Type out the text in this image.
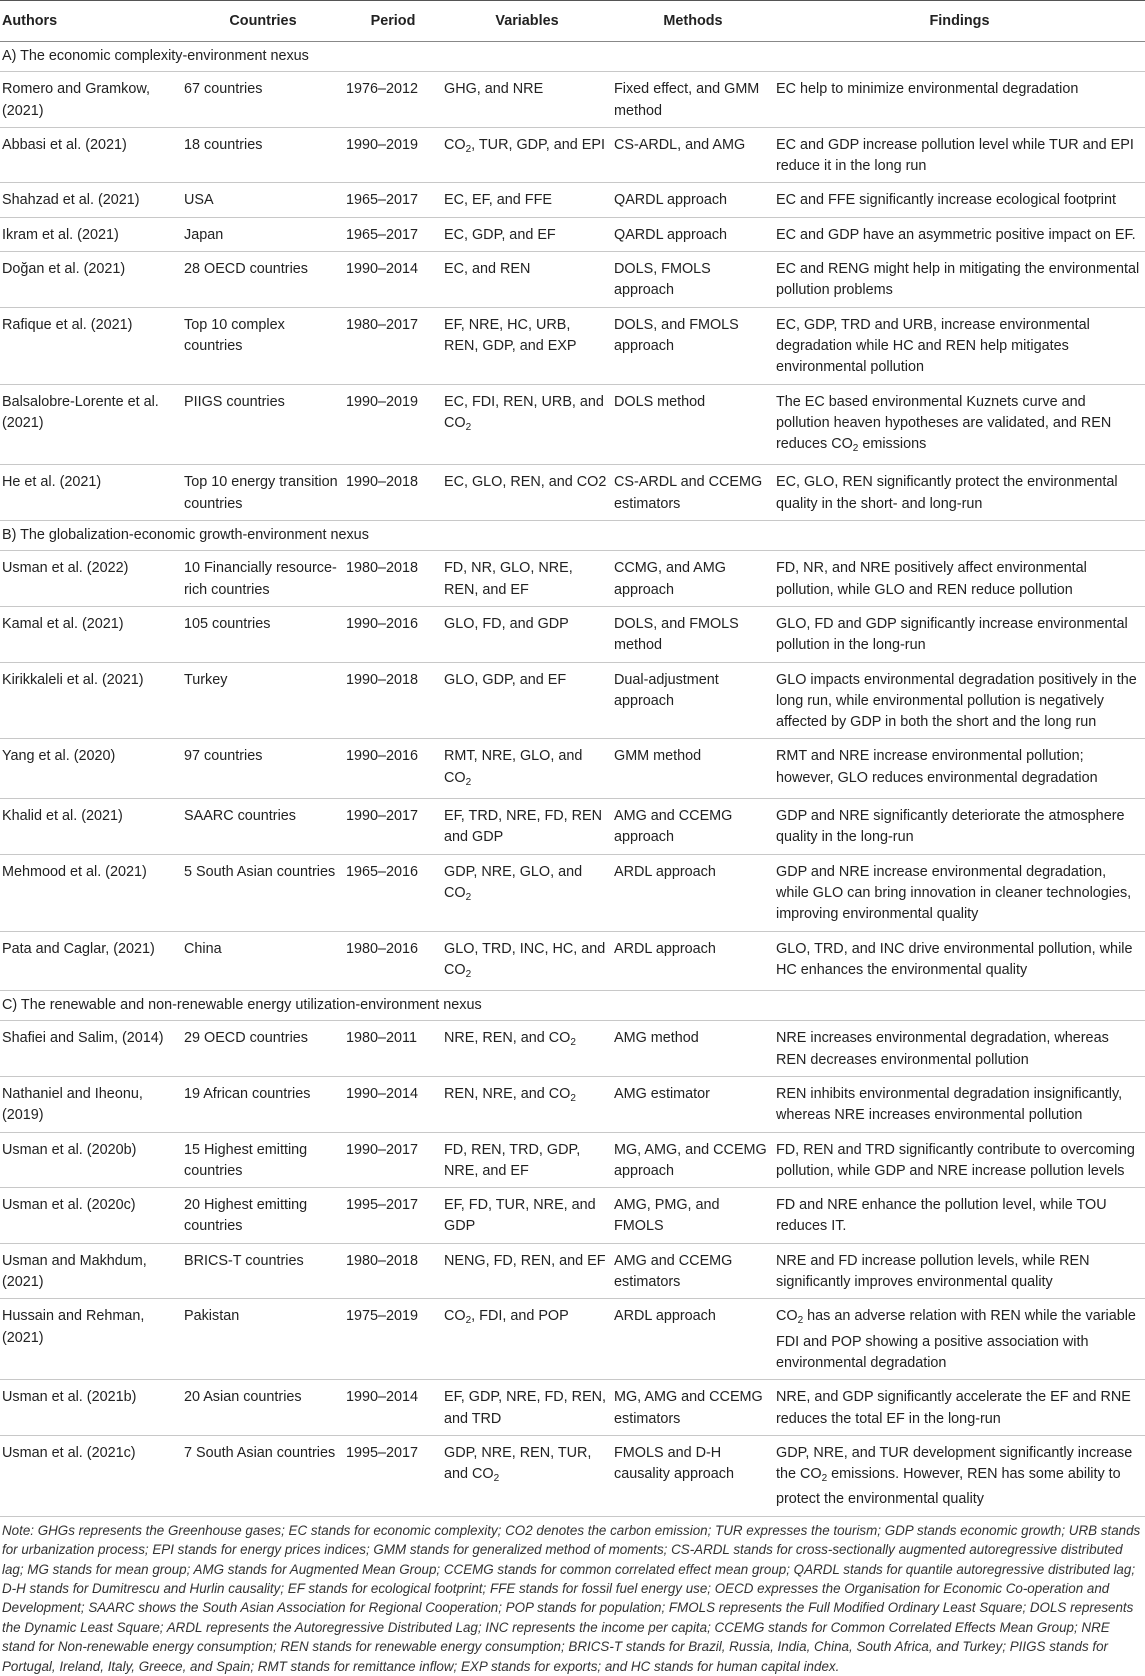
Authors	Countries	Period	Variables	Methods	Findings
A) The economic complexity-environment nexus					
Romero and Gramkow, (2021)	67 countries	1976–2012	GHG, and NRE	Fixed effect, and GMM method	EC help to minimize environmental degradation
Abbasi et al. (2021)	18 countries	1990–2019	$CO_2$, TUR, GDP, and EPI	CS-ARDL, and AMG	EC and GDP increase pollution level while TUR and EPI reduce it in the long run
Shahzad et al. (2021)	USA	1965–2017	EC, EF, and FFE	QARDL approach	EC and FFE significantly increase ecological footprint
Ikram et al. (2021)	Japan	1965–2017	EC, GDP, and EF	QARDL approach	EC and GDP have an asymmetric positive impact on EF.
Doğan et al. (2021)	28 OECD countries	1990–2014	EC, and REN	DOLS, FMOLS approach	EC and RENG might help in mitigating the environmental pollution problems
Rafique et al. (2021)	Top 10 complex countries	1980–2017	EF, NRE, HC, URB, REN, GDP, and EXP	DOLS, and FMOLS approach	EC, GDP, TRD and URB, increase environmental degradation while HC and REN help mitigates environmental pollution
Balsalobre-Lorente et al. (2021)	PIIGS countries	1990–2019	EC, FDI, REN, URB, and $CO_2$	DOLS method	The EC based environmental Kuznets curve and pollution heaven hypotheses are validated, and REN reduces $CO_2$ emissions
He et al. (2021)	Top 10 energy transition countries	1990–2018	EC, GLO, REN, and CO2	CS-ARDL and CCEMG estimators	EC, GLO, REN significantly protect the environmental quality in the short- and long-run
B) The globalization-economic growth-environment nexus					
Usman et al. (2022)	10 Financially resource-rich countries	1980–2018	FD, NR, GLO, NRE, REN, and EF	CCMG, and AMG approach	FD, NR, and NRE positively affect environmental pollution, while GLO and REN reduce pollution
Kamal et al. (2021)	105 countries	1990–2016	GLO, FD, and GDP	DOLS, and FMOLS method	GLO, FD and GDP significantly increase environmental pollution in the long-run
Kirikkaleli et al. (2021)	Turkey	1990–2018	GLO, GDP, and EF	Dual-adjustment approach	GLO impacts environmental degradation positively in the long run, while environmental pollution is negatively affected by GDP in both the short and the long run
Yang et al. (2020)	97 countries	1990–2016	RMT, NRE, GLO, and $CO_2$	GMM method	RMT and NRE increase environmental pollution; however, GLO reduces environmental degradation
Khalid et al. (2021)	SAARC countries	1990–2017	EF, TRD, NRE, FD, REN and GDP	AMG and CCEMG approach	GDP and NRE significantly deteriorate the atmosphere quality in the long-run
Mehmood et al. (2021)	5 South Asian countries	1965–2016	GDP, NRE, GLO, and $CO_2$	ARDL approach	GDP and NRE increase environmental degradation, while GLO can bring innovation in cleaner technologies, improving environmental quality
Pata and Caglar, (2021)	China	1980–2016	GLO, TRD, INC, HC, and $CO_2$	ARDL approach	GLO, TRD, and INC drive environmental pollution, while HC enhances the environmental quality
C) The renewable and non-renewable energy utilization-environment nexus					
Shafiei and Salim, (2014)	29 OECD countries	1980–2011	NRE, REN, and $CO_2$	AMG method	NRE increases environmental degradation, whereas REN decreases environmental pollution
Nathaniel and Iheonu, (2019)	19 African countries	1990–2014	REN, NRE, and $CO_2$	AMG estimator	REN inhibits environmental degradation insignificantly, whereas NRE increases environmental pollution
Usman et al. (2020b)	15 Highest emitting countries	1990–2017	FD, REN, TRD, GDP, NRE, and EF	MG, AMG, and CCEMG approach	FD, REN and TRD significantly contribute to overcoming pollution, while GDP and NRE increase pollution levels
Usman et al. (2020c)	20 Highest emitting countries	1995–2017	EF, FD, TUR, NRE, and GDP	AMG, PMG, and FMOLS	FD and NRE enhance the pollution level, while TOU reduces IT.
Usman and Makhdum, (2021)	BRICS-T countries	1980–2018	NENG, FD, REN, and EF	AMG and CCEMG estimators	NRE and FD increase pollution levels, while REN significantly improves environmental quality
Hussain and Rehman, (2021)	Pakistan	1975–2019	$CO_2$, FDI, and POP	ARDL approach	$CO_2$ has an adverse relation with REN while the variable FDI and POP showing a positive association with environmental degradation
Usman et al. (2021b)	20 Asian countries	1990–2014	EF, GDP, NRE, FD, REN, and TRD	MG, AMG and CCEMG estimators	NRE, and GDP significantly accelerate the EF and RNE reduces the total EF in the long-run
Usman et al. (2021c)	7 South Asian countries	1995–2017	GDP, NRE, REN, TUR, and $CO_2$	FMOLS and D-H causality approach	GDP, NRE, and TUR development significantly increase the $CO_2$ emissions. However, REN has some ability to protect the environmental quality

Note: GHGs represents the Greenhouse gases; EC stands for economic complexity; CO2 denotes the carbon emission; TUR expresses the tourism; GDP stands economic growth; URB stands for urbanization process; EPI stands for energy prices indices; GMM stands for generalized method of moments; CS-ARDL stands for cross-sectionally augmented autoregressive distributed lag; MG stands for mean group; AMG stands for Augmented Mean Group; CCEMG stands for common correlated effect mean group; QARDL stands for quantile autoregressive distributed lag; D-H stands for Dumitrescu and Hurlin causality; EF stands for ecological footprint; FFE stands for fossil fuel energy use; OECD expresses the Organisation for Economic Co-operation and Development; SAARC shows the South Asian Association for Regional Cooperation; POP stands for population; FMOLS represents the Full Modified Ordinary Least Square; DOLS represents the Dynamic Least Square; ARDL represents the Autoregressive Distributed Lag; INC represents the income per capita; CCEMG stands for Common Correlated Effects Mean Group; NRE stand for Non-renewable energy consumption; REN stands for renewable energy consumption; BRICS-T stands for Brazil, Russia, India, China, South Africa, and Turkey; PIIGS stands for Portugal, Ireland, Italy, Greece, and Spain; RMT stands for remittance inflow; EXP stands for exports; and HC stands for human capital index.
